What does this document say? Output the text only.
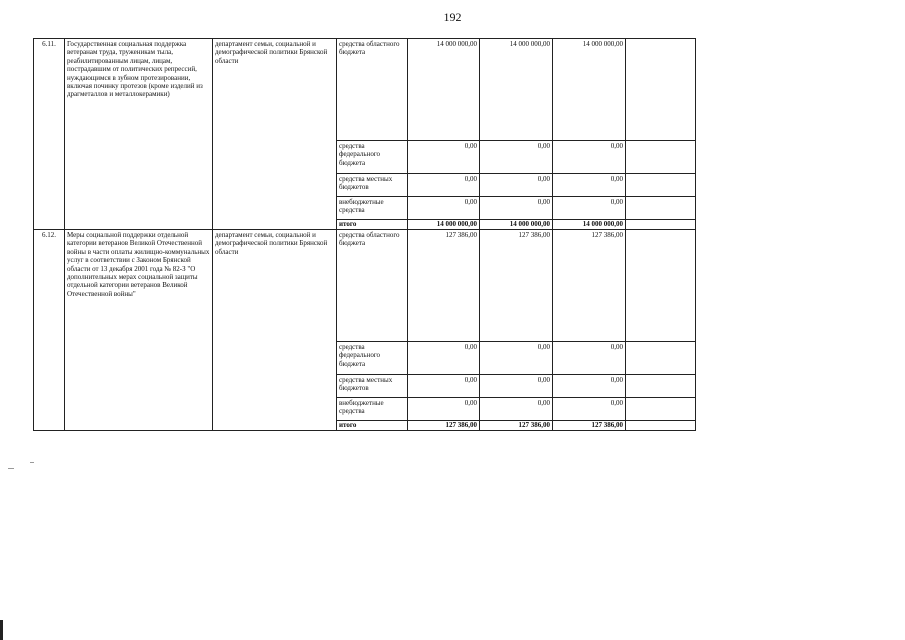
192
6.11.	Государственная социальная поддержка ветеранам труда, труженикам тыла, реабилитированным лицам, лицам, пострадавшим от политических репрессий, нуждающимся в зубном протезировании, включая починку протезов (кроме изделий из драгметаллов и металлокерамики)	департамент семьи, социальной и демографической политики Брянской области	средства областного бюджета	14 000 000,00	14 000 000,00	14 000 000,00	
			средства федерального бюджета	0,00	0,00	0,00	
			средства местных бюджетов	0,00	0,00	0,00	
			внебюджетные средства	0,00	0,00	0,00	
			итого	14 000 000,00	14 000 000,00	14 000 000,00	
6.12.	Меры социальной поддержки отдельной категории ветеранов Великой Отечественной войны в части оплаты жилищно-коммунальных услуг в соответствии с Законом Брянской области от 13 декабря 2001 года № 82-З "О дополнительных мерах социальной защиты отдельной категории ветеранов Великой Отечественной войны"	департамент семьи, социальной и демографической политики Брянской области	средства областного бюджета	127 386,00	127 386,00	127 386,00	
			средства федерального бюджета	0,00	0,00	0,00	
			средства местных бюджетов	0,00	0,00	0,00	
			внебюджетные средства	0,00	0,00	0,00	
			итого	127 386,00	127 386,00	127 386,00	
